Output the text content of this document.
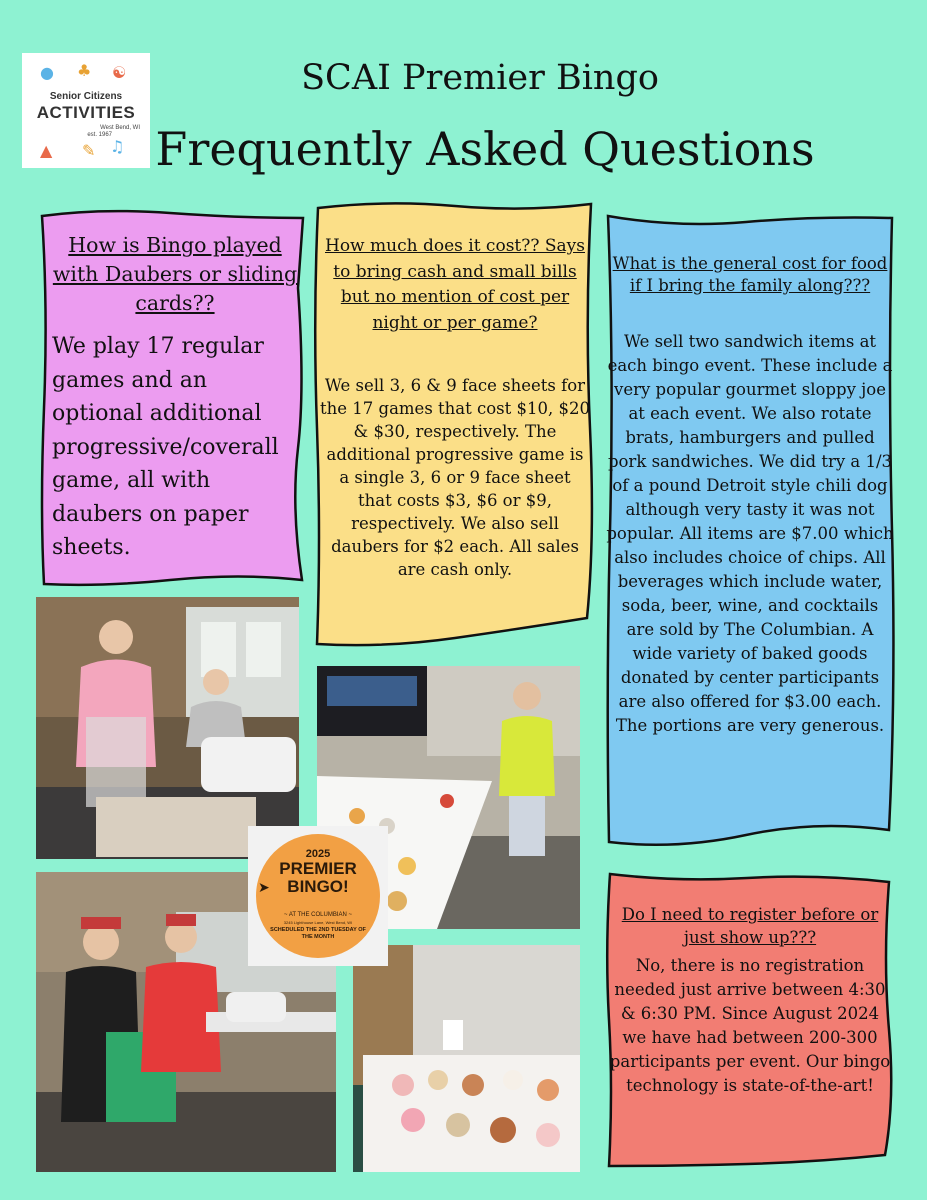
● ♣ ☯
Senior Citizens
ACTIVITIES
West Bend, WI
est. 1967
▲ ✎ ♫
SCAI Premier Bingo
Frequently Asked Questions
How is Bingo played with Daubers or sliding cards??
We play 17 regular games and an optional additional progressive/coverall game, all with daubers on paper sheets.
How much does it cost?? Says to bring cash and small bills but no mention of cost per night or per game?
We sell 3, 6 & 9 face sheets for the 17 games that cost $10, $20 & $30, respectively. The additional progressive game is a single 3, 6 or 9 face sheet that costs $3, $6 or $9, respectively. We also sell daubers for $2 each. All sales are cash only.
What is the general cost for food if I bring the family along???
We sell two sandwich items at each bingo event. These include a very popular gourmet sloppy joe at each event. We also rotate brats, hamburgers and pulled pork sandwiches. We did try a 1/3 of a pound Detroit style chili dog although very tasty it was not popular. All items are $7.00 which also includes choice of chips. All beverages which include water, soda, beer, wine, and cocktails are sold by The Columbian. A wide variety of baked goods donated by center participants are also offered for $3.00 each. The portions are very generous.
Do I need to register before or just show up???
No, there is no registration needed just arrive between 4:30 & 6:30 PM. Since August 2024 we have had between 200-300 participants per event. Our bingo technology is state-of-the-art!
2025
PREMIER
BINGO!
➤
~ AT THE COLUMBIAN ~
3245 Lighthouse Lane, West Bend, WI
SCHEDULED THE 2ND TUESDAY OF THE MONTH
